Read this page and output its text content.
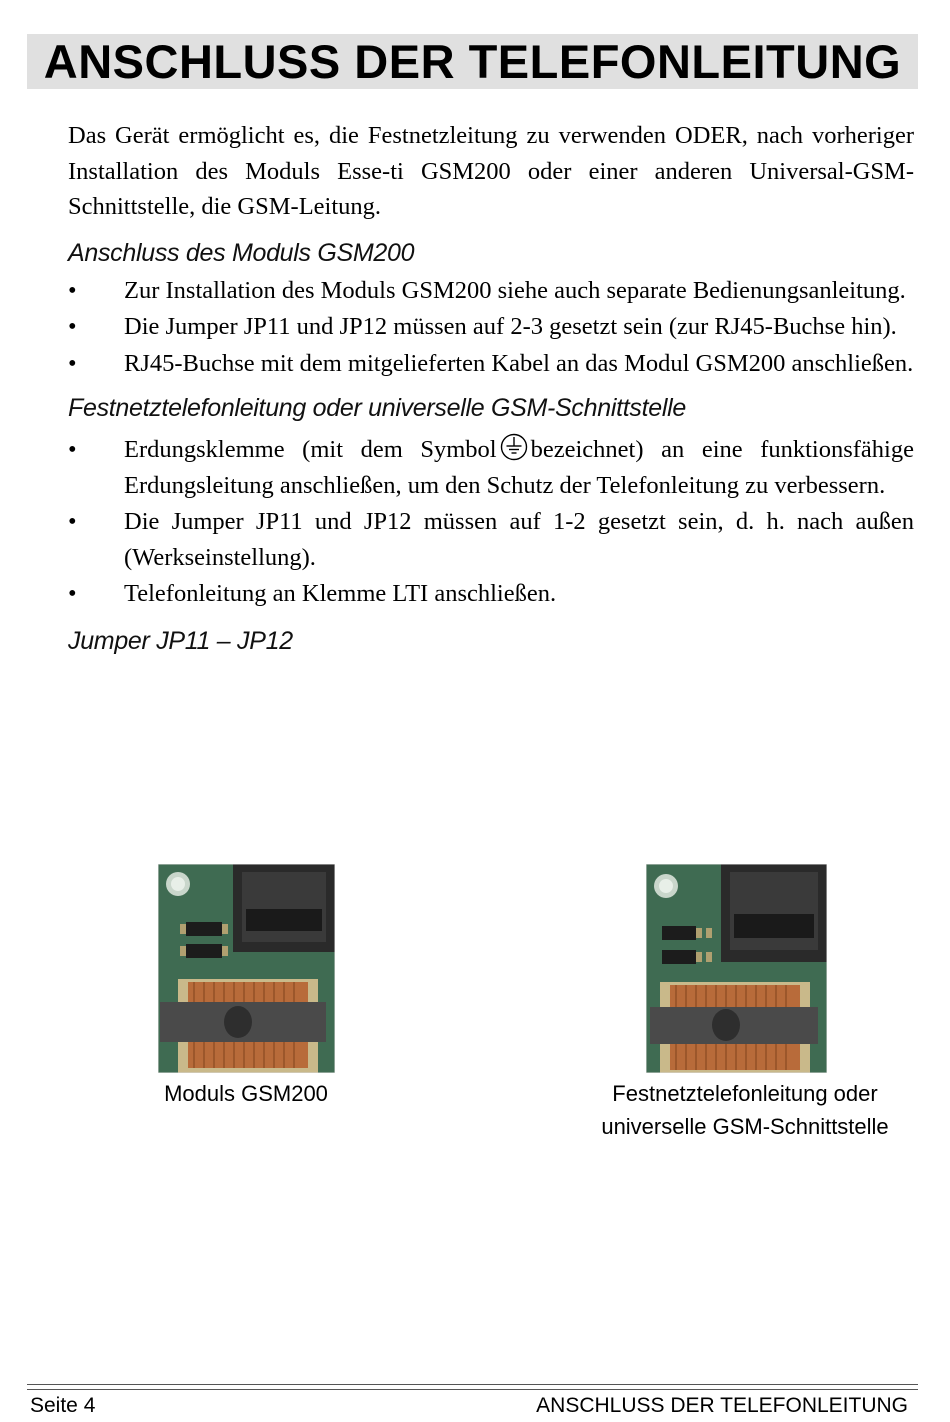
ANSCHLUSS DER TELEFONLEITUNG

Das Gerät ermöglicht es, die Festnetzleitung zu verwenden ODER, nach vorheriger Installation des Moduls Esse-ti GSM200 oder einer anderen Universal-GSM-Schnittstelle, die GSM-Leitung.

Anschluss des Moduls GSM200
• Zur Installation des Moduls GSM200 siehe auch separate Bedienungsanleitung.
• Die Jumper JP11 und JP12 müssen auf 2-3 gesetzt sein (zur RJ45-Buchse hin).
• RJ45-Buchse mit dem mitgelieferten Kabel an das Modul GSM200 anschließen.
Festnetztelefonleitung oder universelle GSM-Schnittstelle
• Erdungsklemme (mit dem Symbol bezeichnet) an eine funktionsfähige Erdungsleitung anschließen, um den Schutz der Telefonleitung zu verbessern.
• Die Jumper JP11 und JP12 müssen auf 1-2 gesetzt sein, d. h. nach außen (Werkseinstellung).
• Telefonleitung an Klemme LTI anschließen.
Jumper JP11 – JP12
Moduls GSM200	Festnetztelefonleitung oder
universelle GSM-Schnittstelle
Seite 4	ANSCHLUSS DER TELEFONLEITUNG
